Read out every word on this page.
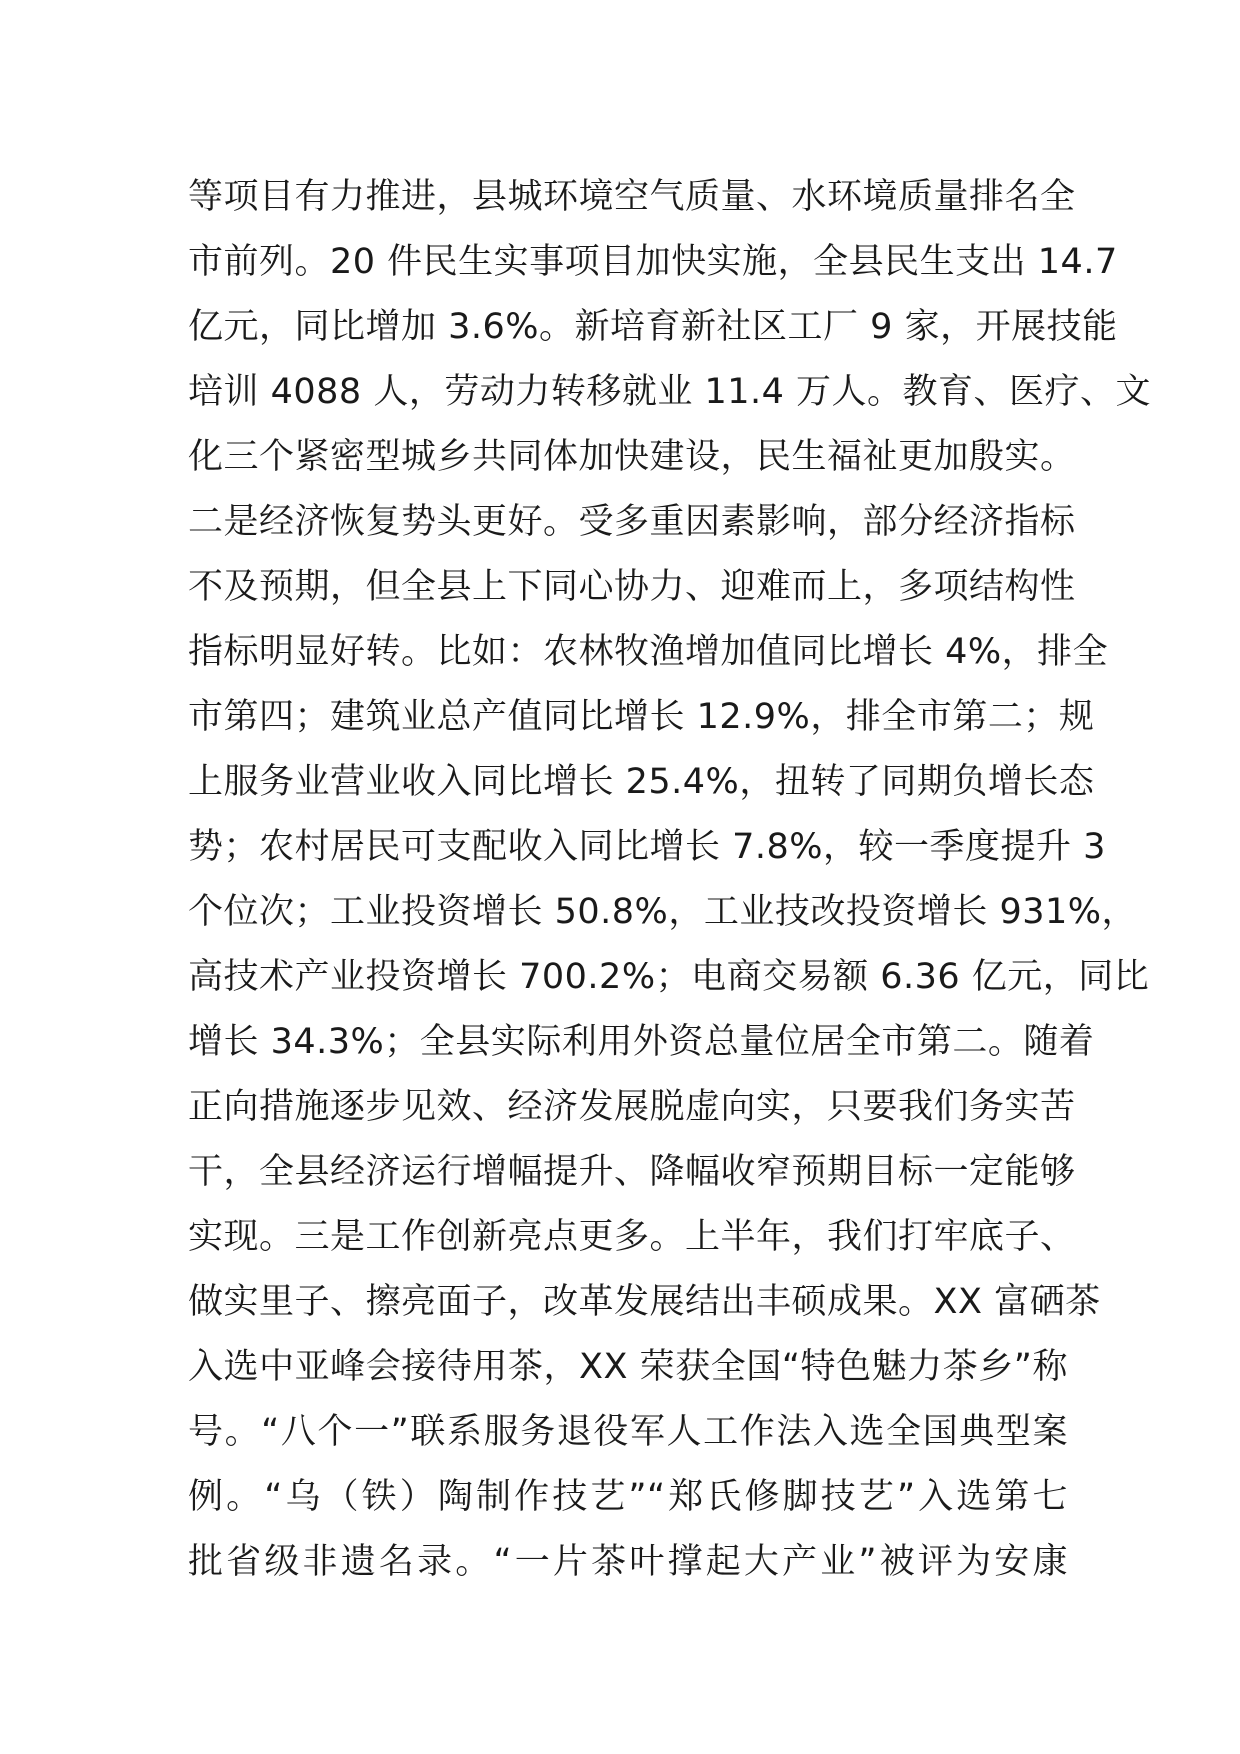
等项目有力推进，县城环境空气质量、水环境质量排名全
市前列。20 件民生实事项目加快实施，全县民生支出 14.7
亿元，同比增加 3.6%。新培育新社区工厂 9 家，开展技能
培训 4088 人，劳动力转移就业 11.4 万人。教育、医疗、文
化三个紧密型城乡共同体加快建设，民生福祉更加殷实。
二是经济恢复势头更好。受多重因素影响，部分经济指标
不及预期，但全县上下同心协力、迎难而上，多项结构性
指标明显好转。比如：农林牧渔增加值同比增长 4%，排全
市第四；建筑业总产值同比增长 12.9%，排全市第二；规
上服务业营业收入同比增长 25.4%，扭转了同期负增长态
势；农村居民可支配收入同比增长 7.8%，较一季度提升 3
个位次；工业投资增长 50.8%，工业技改投资增长 931%，
高技术产业投资增长 700.2%；电商交易额 6.36 亿元，同比
增长 34.3%；全县实际利用外资总量位居全市第二。随着
正向措施逐步见效、经济发展脱虚向实，只要我们务实苦
干，全县经济运行增幅提升、降幅收窄预期目标一定能够
实现。三是工作创新亮点更多。上半年，我们打牢底子、
做实里子、擦亮面子，改革发展结出丰硕成果。XX 富硒茶
入选中亚峰会接待用茶，XX 荣获全国“特色魅力茶乡”称
号。“八个一”联系服务退役军人工作法入选全国典型案
例。“乌（铁）陶制作技艺”“郑氏修脚技艺”入选第七
批省级非遗名录。“一片茶叶撑起大产业”被评为安康
